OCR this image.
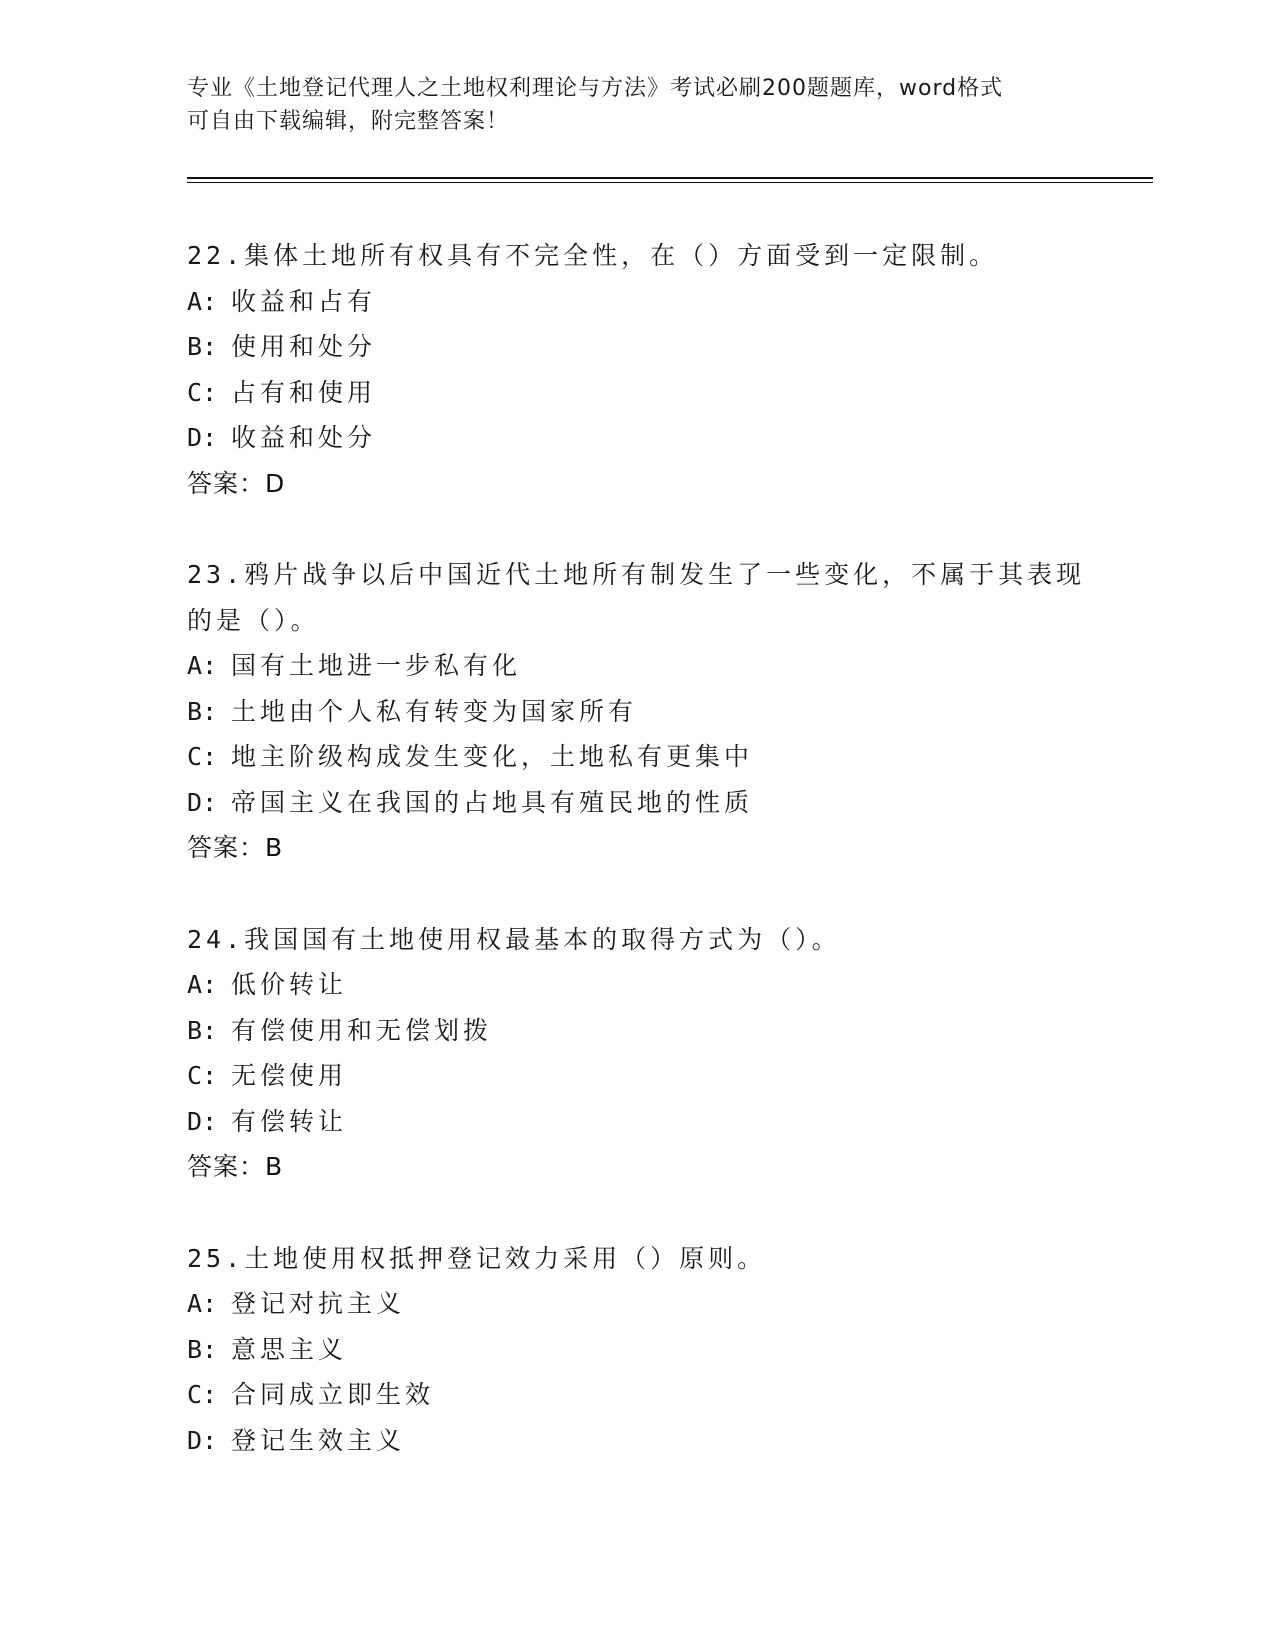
专业《土地登记代理人之土地权利理论与方法》考试必刷200题题库，word格式
可自由下载编辑，附完整答案！
22.集体土地所有权具有不完全性，在（）方面受到一定限制。
A: 收益和占有
B: 使用和处分
C: 占有和使用
D: 收益和处分
答案：D
23.鸦片战争以后中国近代土地所有制发生了一些变化，不属于其表现
的是（）。
A: 国有土地进一步私有化
B: 土地由个人私有转变为国家所有
C: 地主阶级构成发生变化，土地私有更集中
D: 帝国主义在我国的占地具有殖民地的性质
答案：B
24.我国国有土地使用权最基本的取得方式为（）。
A: 低价转让
B: 有偿使用和无偿划拨
C: 无偿使用
D: 有偿转让
答案：B
25.土地使用权抵押登记效力采用（）原则。
A: 登记对抗主义
B: 意思主义
C: 合同成立即生效
D: 登记生效主义
